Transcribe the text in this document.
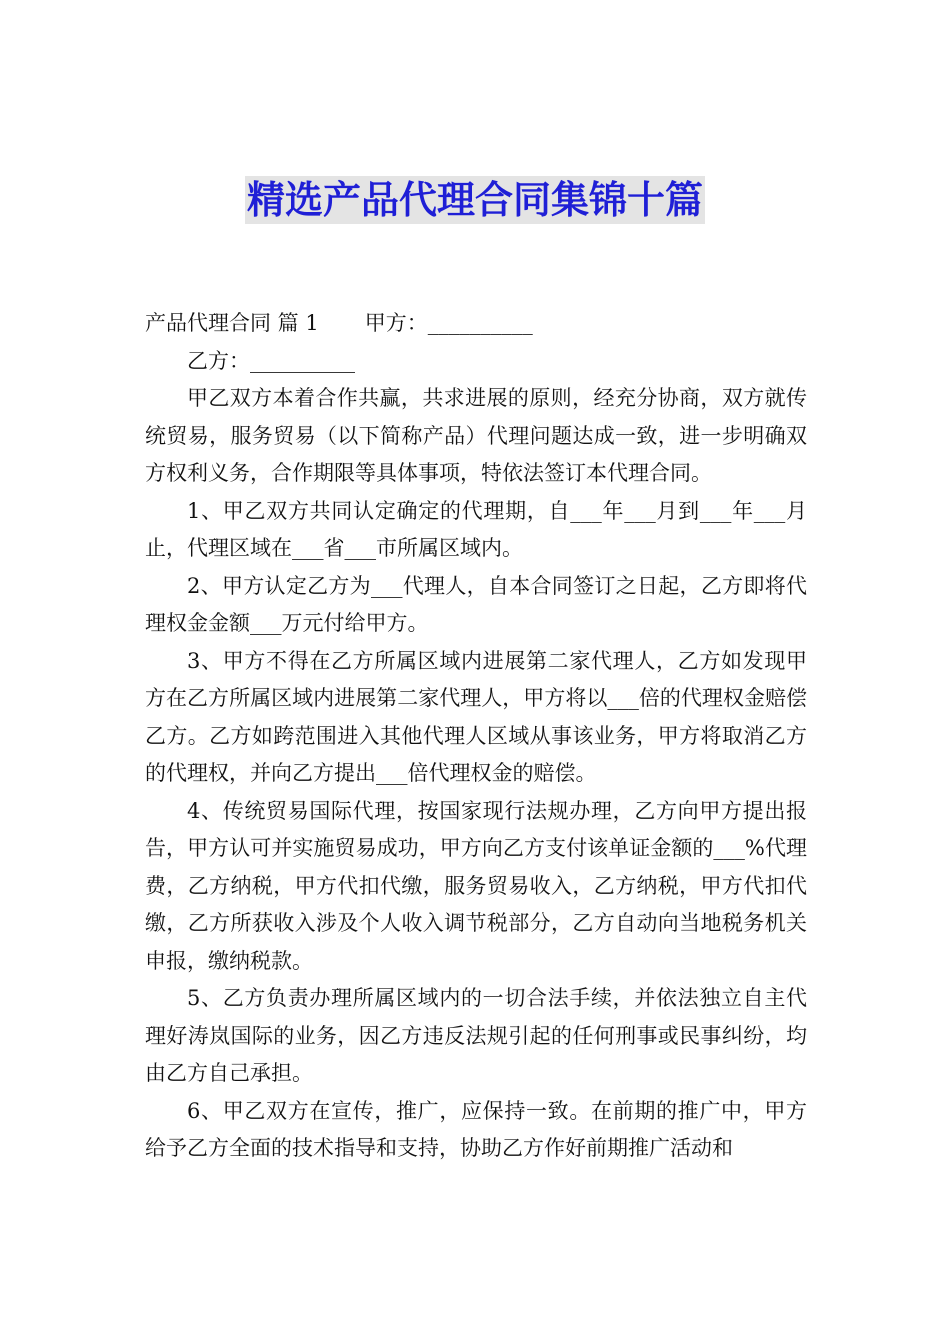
精选产品代理合同集锦十篇

产品代理合同 篇 1 甲方：__________

乙方：__________

甲乙双方本着合作共赢，共求进展的原则，经充分协商，双方就传统贸易，服务贸易（以下简称产品）代理问题达成一致，进一步明确双方权利义务，合作期限等具体事项，特依法签订本代理合同。

1、甲乙双方共同认定确定的代理期，自___年___月到___年___月止，代理区域在___省___市所属区域内。

2、甲方认定乙方为___代理人，自本合同签订之日起，乙方即将代理权金金额___万元付给甲方。

3、甲方不得在乙方所属区域内进展第二家代理人，乙方如发现甲方在乙方所属区域内进展第二家代理人，甲方将以___倍的代理权金赔偿乙方。乙方如跨范围进入其他代理人区域从事该业务，甲方将取消乙方的代理权，并向乙方提出___倍代理权金的赔偿。

4、传统贸易国际代理，按国家现行法规办理，乙方向甲方提出报告，甲方认可并实施贸易成功，甲方向乙方支付该单证金额的___%代理费，乙方纳税，甲方代扣代缴，服务贸易收入，乙方纳税，甲方代扣代缴，乙方所获收入涉及个人收入调节税部分，乙方自动向当地税务机关申报，缴纳税款。

5、乙方负责办理所属区域内的一切合法手续，并依法独立自主代理好涛岚国际的业务，因乙方违反法规引起的任何刑事或民事纠纷，均由乙方自己承担。

6、甲乙双方在宣传，推广，应保持一致。在前期的推广中，甲方给予乙方全面的技术指导和支持，协助乙方作好前期推广活动和
